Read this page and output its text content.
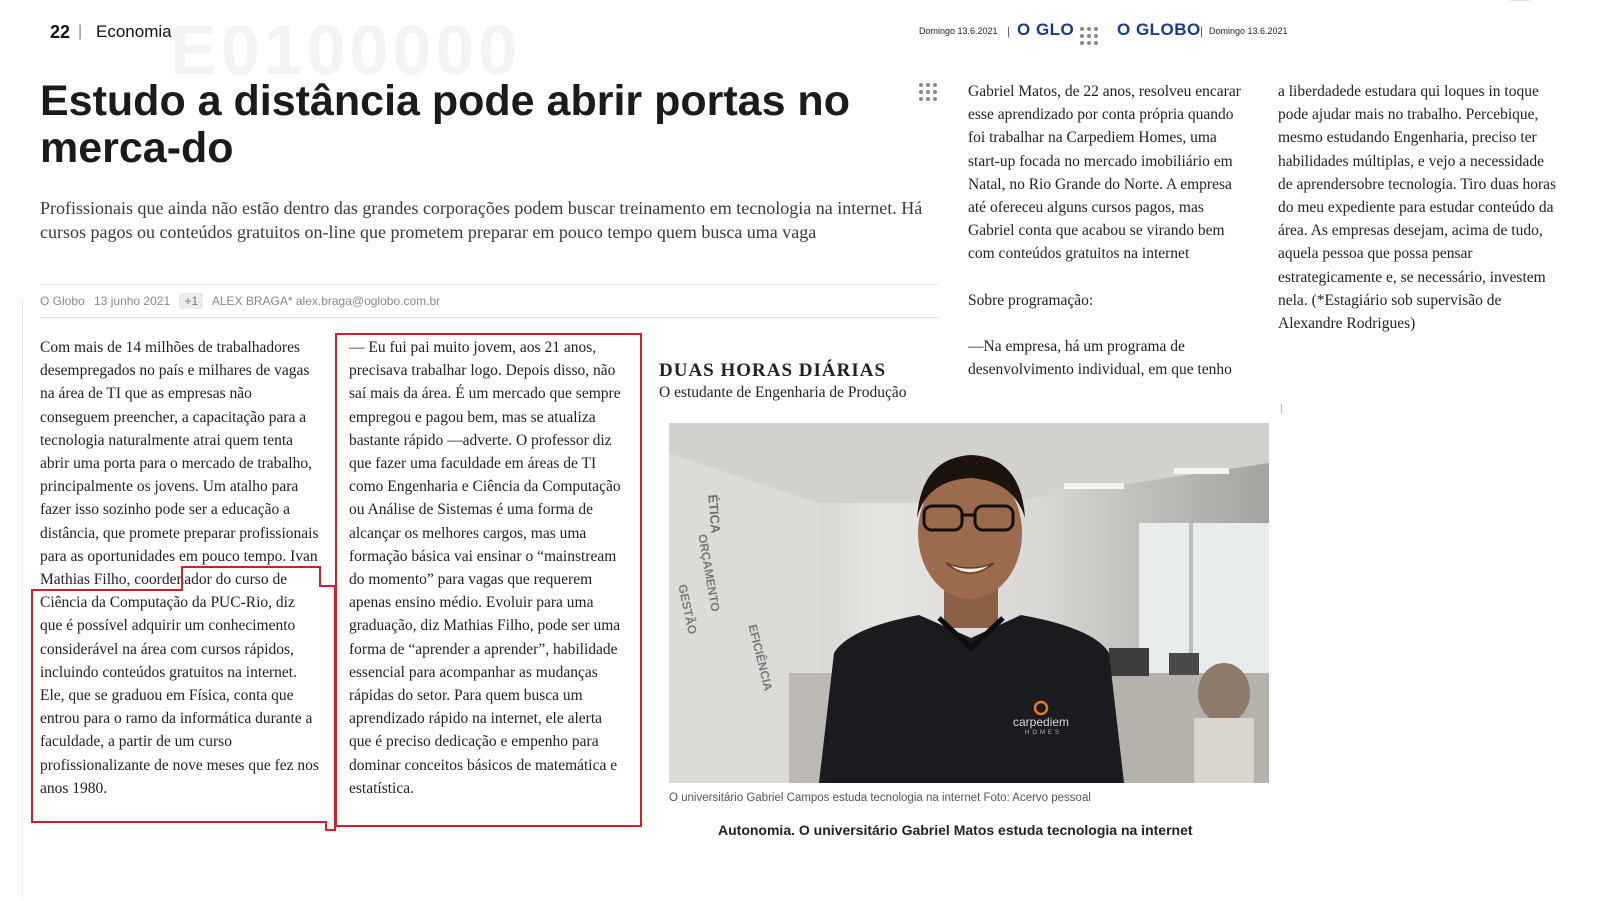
E0100000
22 | Economia	Domingo 13.6.2021 | O GLO	O GLOBO | Domingo 13.6.2021
Estudo a distância pode abrir portas no merca-do

Profissionais que ainda não estão dentro das grandes corporações podem buscar treinamento em tecnologia na internet. Há cursos pagos ou conteúdos gratuitos on-line que prometem preparar em pouco tempo quem busca uma vaga

O Globo 13 junho 2021 +1 ALEX BRAGA* alex.braga@oglobo.com.br
Com mais de 14 milhões de trabalhadores desempregados no país e milhares de vagas na área de TI que as empresas não conseguem preencher, a capacitação para a tecnologia naturalmente atrai quem tenta abrir uma porta para o mercado de trabalho, principalmente os jovens. Um atalho para fazer isso sozinho pode ser a educação a distância, que promete preparar profissionais para as oportunidades em pouco tempo. Ivan Mathias Filho, coordenador do curso de Ciência da Computação da PUC-Rio, diz que é possível adquirir um conhecimento considerável na área com cursos rápidos, incluindo conteúdos gratuitos na internet. Ele, que se graduou em Física, conta que entrou para o ramo da informática durante a faculdade, a partir de um curso profissionalizante de nove meses que fez nos anos 1980.

— Eu fui pai muito jovem, aos 21 anos, precisava trabalhar logo. Depois disso, não saí mais da área. É um mercado que sempre empregou e pagou bem, mas se atualiza bastante rápido —adverte. O professor diz que fazer uma faculdade em áreas de TI como Engenharia e Ciência da Computação ou Análise de Sistemas é uma forma de alcançar os melhores cargos, mas uma formação básica vai ensinar o “mainstream do momento” para vagas que requerem apenas ensino médio. Evoluir para uma graduação, diz Mathias Filho, pode ser uma forma de “aprender a aprender”, habilidade essencial para acompanhar as mudanças rápidas do setor. Para quem busca um aprendizado rápido na internet, ele alerta que é preciso dedicação e empenho para dominar conceitos básicos de matemática e estatística.

DUAS HORAS DIÁRIAS
O estudante de Engenharia de Produção

Gabriel Matos, de 22 anos, resolveu encarar esse aprendizado por conta própria quando foi trabalhar na Carpediem Homes, uma start-up focada no mercado imobiliário em Natal, no Rio Grande do Norte. A empresa até ofereceu alguns cursos pagos, mas Gabriel conta que acabou se virando bem com conteúdos gratuitos na internet

Sobre programação:

—Na empresa, há um programa de desenvolvimento individual, em que tenho

a liberdadede estudara qui loques in toque pode ajudar mais no trabalho. Percebique, mesmo estudando Engenharia, preciso ter habilidades múltiplas, e vejo a necessidade de aprendersobre tecnologia. Tiro duas horas do meu expediente para estudar conteúdo da área. As empresas desejam, acima de tudo, aquela pessoa que possa pensar estrategicamente e, se necessário, investem nela. (*Estagiário sob supervisão de Alexandre Rodrigues)

ÉTICA
ORÇAMENTO
GESTÃO
EFICIÊNCIA
carpediem
HOMES
O universitário Gabriel Campos estuda tecnologia na internet Foto: Acervo pessoal
Autonomia. O universitário Gabriel Matos estuda tecnologia na internet
